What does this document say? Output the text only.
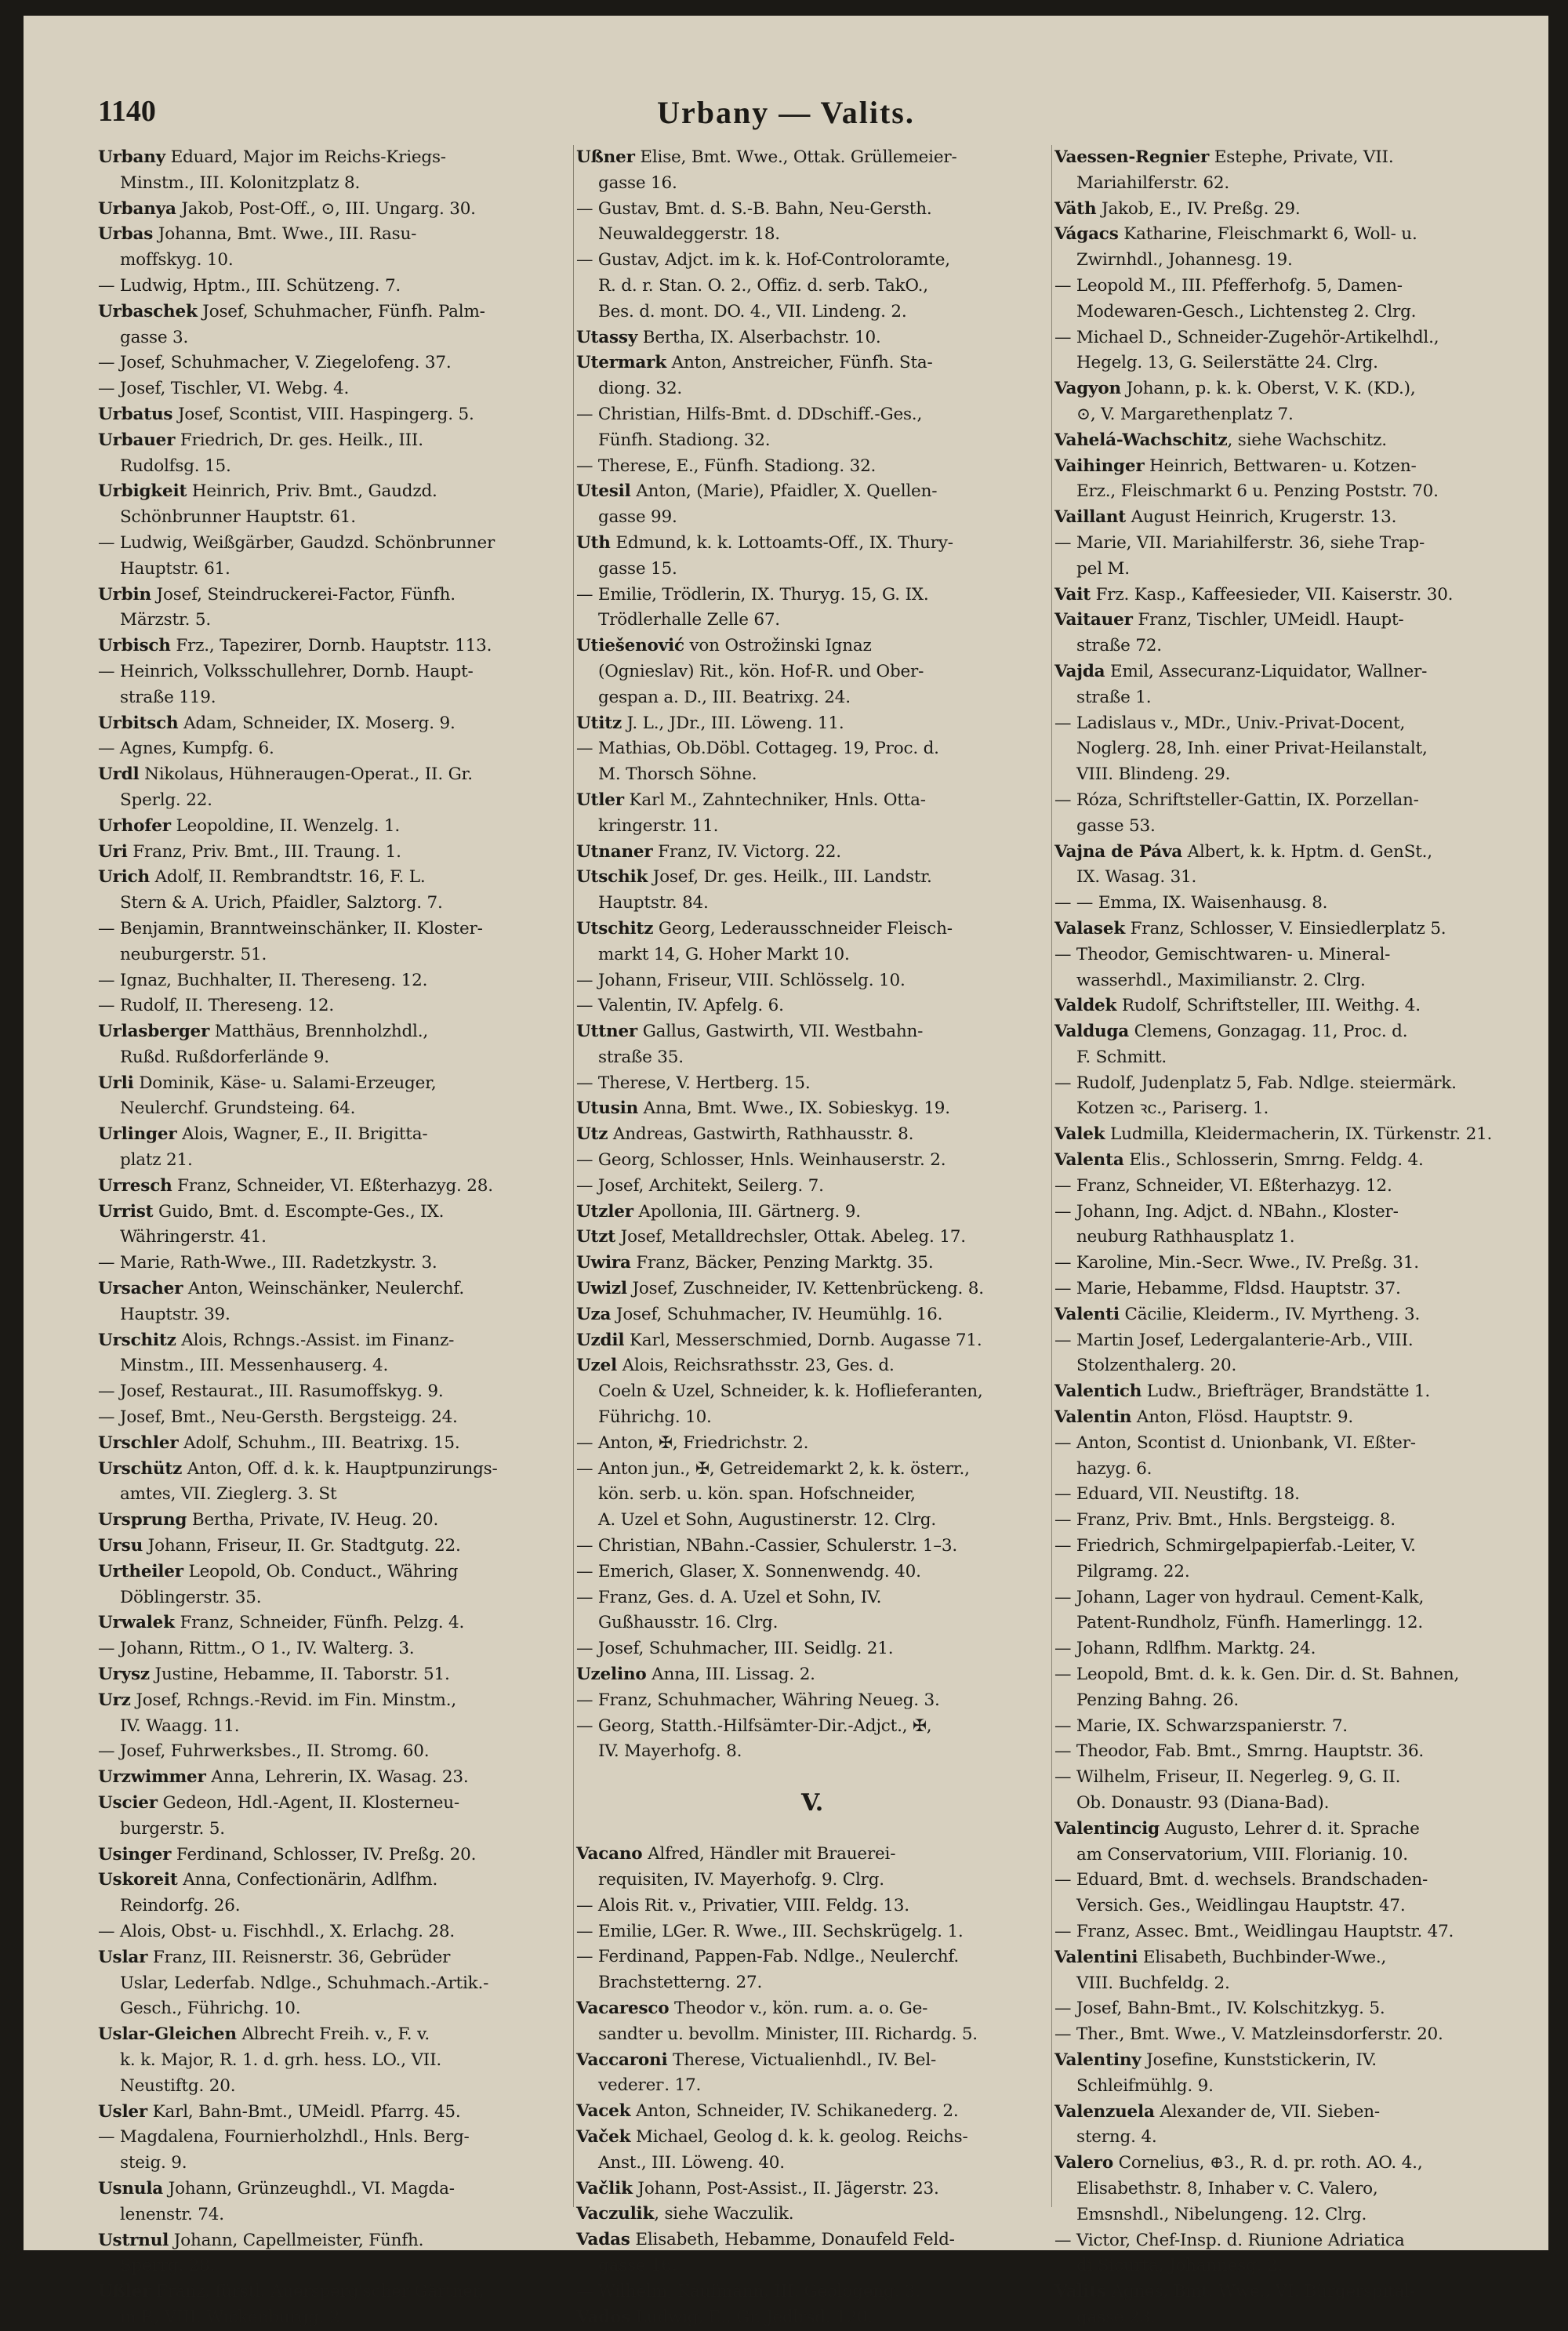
1140	Urbany — Valits.
Urbany Eduard, Major im Reichs-Kriegs-
Minstm., III. Kolonitzplatz 8.
Urbanya Jakob, Post-Off., ⊙, III. Ungarg. 30.
Urbas Johanna, Bmt. Wwe., III. Rasu-
moffskyg. 10.
— Ludwig, Hptm., III. Schützeng. 7.
Urbaschek Josef, Schuhmacher, Fünfh. Palm-
gasse 3.
— Josef, Schuhmacher, V. Ziegelofeng. 37.
— Josef, Tischler, VI. Webg. 4.
Urbatus Josef, Scontist, VIII. Haspingerg. 5.
Urbauer Friedrich, Dr. ges. Heilk., III.
Rudolfsg. 15.
Urbigkeit Heinrich, Priv. Bmt., Gaudzd.
Schönbrunner Hauptstr. 61.
— Ludwig, Weißgärber, Gaudzd. Schönbrunner
Hauptstr. 61.
Urbin Josef, Steindruckerei-Factor, Fünfh.
Märzstr. 5.
Urbisch Frz., Tapezirer, Dornb. Hauptstr. 113.
— Heinrich, Volksschullehrer, Dornb. Haupt-
straße 119.
Urbitsch Adam, Schneider, IX. Moserg. 9.
— Agnes, Kumpfg. 6.
Urdl Nikolaus, Hühneraugen-Operat., II. Gr.
Sperlg. 22.
Urhofer Leopoldine, II. Wenzelg. 1.
Uri Franz, Priv. Bmt., III. Traung. 1.
Urich Adolf, II. Rembrandtstr. 16, F. L.
Stern & A. Urich, Pfaidler, Salztorg. 7.
— Benjamin, Branntweinschänker, II. Kloster-
neuburgerstr. 51.
— Ignaz, Buchhalter, II. Thereseng. 12.
— Rudolf, II. Thereseng. 12.
Urlasberger Matthäus, Brennholzhdl.,
Rußd. Rußdorferlände 9.
Urli Dominik, Käse- u. Salami-Erzeuger,
Neulerchf. Grundsteing. 64.
Urlinger Alois, Wagner, E., II. Brigitta-
platz 21.
Urresch Franz, Schneider, VI. Eßterhazyg. 28.
Urrist Guido, Bmt. d. Escompte-Ges., IX.
Währingerstr. 41.
— Marie, Rath-Wwe., III. Radetzkystr. 3.
Ursacher Anton, Weinschänker, Neulerchf.
Hauptstr. 39.
Urschitz Alois, Rchngs.-Assist. im Finanz-
Minstm., III. Messenhauserg. 4.
— Josef, Restaurat., III. Rasumoffskyg. 9.
— Josef, Bmt., Neu-Gersth. Bergsteigg. 24.
Urschler Adolf, Schuhm., III. Beatrixg. 15.
Urschütz Anton, Off. d. k. k. Hauptpunzirungs-
amtes, VII. Zieglerg. 3. St
Ursprung Bertha, Private, IV. Heug. 20.
Ursu Johann, Friseur, II. Gr. Stadtgutg. 22.
Urtheiler Leopold, Ob. Conduct., Währing
Döblingerstr. 35.
Urwalek Franz, Schneider, Fünfh. Pelzg. 4.
— Johann, Rittm., O 1., IV. Walterg. 3.
Urysz Justine, Hebamme, II. Taborstr. 51.
Urz Josef, Rchngs.-Revid. im Fin. Minstm.,
IV. Waagg. 11.
— Josef, Fuhrwerksbes., II. Stromg. 60.
Urzwimmer Anna, Lehrerin, IX. Wasag. 23.
Uscier Gedeon, Hdl.-Agent, II. Klosterneu-
burgerstr. 5.
Usinger Ferdinand, Schlosser, IV. Preßg. 20.
Uskoreit Anna, Confectionärin, Adlfhm.
Reindorfg. 26.
— Alois, Obst- u. Fischhdl., X. Erlachg. 28.
Uslar Franz, III. Reisnerstr. 36, Gebrüder
Uslar, Lederfab. Ndlge., Schuhmach.-Artik.-
Gesch., Führichg. 10.
Uslar-Gleichen Albrecht Freih. v., F. v.
k. k. Major, R. 1. d. grh. hess. LO., VII.
Neustiftg. 20.
Usler Karl, Bahn-Bmt., UMeidl. Pfarrg. 45.
— Magdalena, Fournierholzhdl., Hnls. Berg-
steig. 9.
Usnula Johann, Grünzeughdl., VI. Magda-
lenenstr. 74.
Ustrnul Johann, Capellmeister, Fünfh.
Sperrg. 28.
Ußler Franz, fürstl. Auersperg'scher Gärtner,
in P., VIII. Wickenburgg. 2.
Ußner Elise, Bmt. Wwe., Ottak. Grüllemeier-
gasse 16.
— Gustav, Bmt. d. S.-B. Bahn, Neu-Gersth.
Neuwaldeggerstr. 18.
— Gustav, Adjct. im k. k. Hof-Controloramte,
R. d. r. Stan. O. 2., Offiz. d. serb. TakO.,
Bes. d. mont. DO. 4., VII. Lindeng. 2.
Utassy Bertha, IX. Alserbachstr. 10.
Utermark Anton, Anstreicher, Fünfh. Sta-
diong. 32.
— Christian, Hilfs-Bmt. d. DDschiff.-Ges.,
Fünfh. Stadiong. 32.
— Therese, E., Fünfh. Stadiong. 32.
Utesil Anton, (Marie), Pfaidler, X. Quellen-
gasse 99.
Uth Edmund, k. k. Lottoamts-Off., IX. Thury-
gasse 15.
— Emilie, Trödlerin, IX. Thuryg. 15, G. IX.
Trödlerhalle Zelle 67.
Utiešenović von Ostrožinski Ignaz
(Ognieslav) Rit., kön. Hof-R. und Ober-
gespan a. D., III. Beatrixg. 24.
Utitz J. L., JDr., III. Löweng. 11.
— Mathias, Ob.Döbl. Cottageg. 19, Proc. d.
M. Thorsch Söhne.
Utler Karl M., Zahntechniker, Hnls. Otta-
kringerstr. 11.
Utnaner Franz, IV. Victorg. 22.
Utschik Josef, Dr. ges. Heilk., III. Landstr.
Hauptstr. 84.
Utschitz Georg, Lederausschneider Fleisch-
markt 14, G. Hoher Markt 10.
— Johann, Friseur, VIII. Schlösselg. 10.
— Valentin, IV. Apfelg. 6.
Uttner Gallus, Gastwirth, VII. Westbahn-
straße 35.
— Therese, V. Hertberg. 15.
Utusin Anna, Bmt. Wwe., IX. Sobieskyg. 19.
Utz Andreas, Gastwirth, Rathhausstr. 8.
— Georg, Schlosser, Hnls. Weinhauserstr. 2.
— Josef, Architekt, Seilerg. 7.
Utzler Apollonia, III. Gärtnerg. 9.
Utzt Josef, Metalldrechsler, Ottak. Abeleg. 17.
Uwira Franz, Bäcker, Penzing Marktg. 35.
Uwizl Josef, Zuschneider, IV. Kettenbrückeng. 8.
Uza Josef, Schuhmacher, IV. Heumühlg. 16.
Uzdil Karl, Messerschmied, Dornb. Augasse 71.
Uzel Alois, Reichsrathsstr. 23, Ges. d.
Coeln & Uzel, Schneider, k. k. Hoflieferanten,
Führichg. 10.
— Anton, ✠, Friedrichstr. 2.
— Anton jun., ✠, Getreidemarkt 2, k. k. österr.,
kön. serb. u. kön. span. Hofschneider,
A. Uzel et Sohn, Augustinerstr. 12. Clrg.
— Christian, NBahn.-Cassier, Schulerstr. 1–3.
— Emerich, Glaser, X. Sonnenwendg. 40.
— Franz, Ges. d. A. Uzel et Sohn, IV.
Gußhausstr. 16. Clrg.
— Josef, Schuhmacher, III. Seidlg. 21.
Uzelino Anna, III. Lissag. 2.
— Franz, Schuhmacher, Währing Neueg. 3.
— Georg, Statth.-Hilfsämter-Dir.-Adjct., ✠,
IV. Mayerhofg. 8.
V.
Vacano Alfred, Händler mit Brauerei-
requisiten, IV. Mayerhofg. 9. Clrg.
— Alois Rit. v., Privatier, VIII. Feldg. 13.
— Emilie, LGer. R. Wwe., III. Sechskrügelg. 1.
— Ferdinand, Pappen-Fab. Ndlge., Neulerchf.
Brachstetterng. 27.
Vacaresco Theodor v., kön. rum. a. o. Ge-
sandter u. bevollm. Minister, III. Richardg. 5.
Vaccaroni Therese, Victualienhdl., IV. Bel-
vederег. 17.
Vacek Anton, Schneider, IV. Schikanederg. 2.
Vaček Michael, Geolog d. k. k. geolog. Reichs-
Anst., III. Löweng. 40.
Vačlik Johann, Post-Assist., II. Jägerstr. 23.
Vaczulik, siehe Waczulik.
Vadas Elisabeth, Hebamme, Donaufeld Feld-
gasse 16.
— Wilhelm, Kaufmann, III. Geologeng. 3.
Vados Ludwig, E., Gr. Jedlrsd. 120.
Vaessen-Regnier Estephe, Private, VII.
Mariahilferstr. 62.
Väth Jakob, E., IV. Preßg. 29.
Vágacs Katharine, Fleischmarkt 6, Woll- u.
Zwirnhdl., Johannesg. 19.
— Leopold M., III. Pfefferhofg. 5, Damen-
Modewaren-Gesch., Lichtensteg 2. Clrg.
— Michael D., Schneider-Zugehör-Artikelhdl.,
Hegelg. 13, G. Seilerstätte 24. Clrg.
Vagyon Johann, p. k. k. Oberst, V. K. (KD.),
⊙, V. Margarethenplatz 7.
Vahelá-Wachschitz, siehe Wachschitz.
Vaihinger Heinrich, Bettwaren- u. Kotzen-
Erz., Fleischmarkt 6 u. Penzing Poststr. 70.
Vaillant August Heinrich, Krugerstr. 13.
— Marie, VII. Mariahilferstr. 36, siehe Trap-
pel M.
Vait Frz. Kasp., Kaffeesieder, VII. Kaiserstr. 30.
Vaitauer Franz, Tischler, UMeidl. Haupt-
straße 72.
Vajda Emil, Assecuranz-Liquidator, Wallner-
straße 1.
— Ladislaus v., MDr., Univ.-Privat-Docent,
Noglerg. 28, Inh. einer Privat-Heilanstalt,
VIII. Blindeng. 29.
— Róza, Schriftsteller-Gattin, IX. Porzellan-
gasse 53.
Vajna de Páva Albert, k. k. Hptm. d. GenSt.,
IX. Wasag. 31.
— — Emma, IX. Waisenhausg. 8.
Valasek Franz, Schlosser, V. Einsiedlerplatz 5.
— Theodor, Gemischtwaren- u. Mineral-
wasserhdl., Maximilianstr. 2. Clrg.
Valdek Rudolf, Schriftsteller, III. Weithg. 4.
Valduga Clemens, Gonzagag. 11, Proc. d.
F. Schmitt.
— Rudolf, Judenplatz 5, Fab. Ndlge. steiermärk.
Kotzen ꝛc., Pariserg. 1.
Valek Ludmilla, Kleidermacherin, IX. Türkenstr. 21.
Valenta Elis., Schlosserin, Smrng. Feldg. 4.
— Franz, Schneider, VI. Eßterhazyg. 12.
— Johann, Ing. Adjct. d. NBahn., Kloster-
neuburg Rathhausplatz 1.
— Karoline, Min.-Secr. Wwe., IV. Preßg. 31.
— Marie, Hebamme, Fldsd. Hauptstr. 37.
Valenti Cäcilie, Kleiderm., IV. Myrtheng. 3.
— Martin Josef, Ledergalanterie-Arb., VIII.
Stolzenthalerg. 20.
Valentich Ludw., Briefträger, Brandstätte 1.
Valentin Anton, Flösd. Hauptstr. 9.
— Anton, Scontist d. Unionbank, VI. Eßter-
hazyg. 6.
— Eduard, VII. Neustiftg. 18.
— Franz, Priv. Bmt., Hnls. Bergsteigg. 8.
— Friedrich, Schmirgelpapierfab.-Leiter, V.
Pilgramg. 22.
— Johann, Lager von hydraul. Cement-Kalk,
Patent-Rundholz, Fünfh. Hamerlingg. 12.
— Johann, Rdlfhm. Marktg. 24.
— Leopold, Bmt. d. k. k. Gen. Dir. d. St. Bahnen,
Penzing Bahng. 26.
— Marie, IX. Schwarzspanierstr. 7.
— Theodor, Fab. Bmt., Smrng. Hauptstr. 36.
— Wilhelm, Friseur, II. Negerleg. 9, G. II.
Ob. Donaustr. 93 (Diana-Bad).
Valentincig Augusto, Lehrer d. it. Sprache
am Conservatorium, VIII. Florianig. 10.
— Eduard, Bmt. d. wechsels. Brandschaden-
Versich. Ges., Weidlingau Hauptstr. 47.
— Franz, Assec. Bmt., Weidlingau Hauptstr. 47.
Valentini Elisabeth, Buchbinder-Wwe.,
VIII. Buchfeldg. 2.
— Josef, Bahn-Bmt., IV. Kolschitzkyg. 5.
— Ther., Bmt. Wwe., V. Matzleinsdorferstr. 20.
Valentiny Josefine, Kunststickerin, IV.
Schleifmühlg. 9.
Valenzuela Alexander de, VII. Sieben-
sterng. 4.
Valero Cornelius, ⊕3., R. d. pr. roth. AO. 4.,
Elisabethstr. 8, Inhaber v. C. Valero,
Emsnshdl., Nibelungeng. 12. Clrg.
— Victor, Chef-Insp. d. Riunione Adriatica
di Sicurtà, Johannesg. 2.
Valits Agnes, Bmt. Wwe., VI. Bürgerspital-
gasse 23.
